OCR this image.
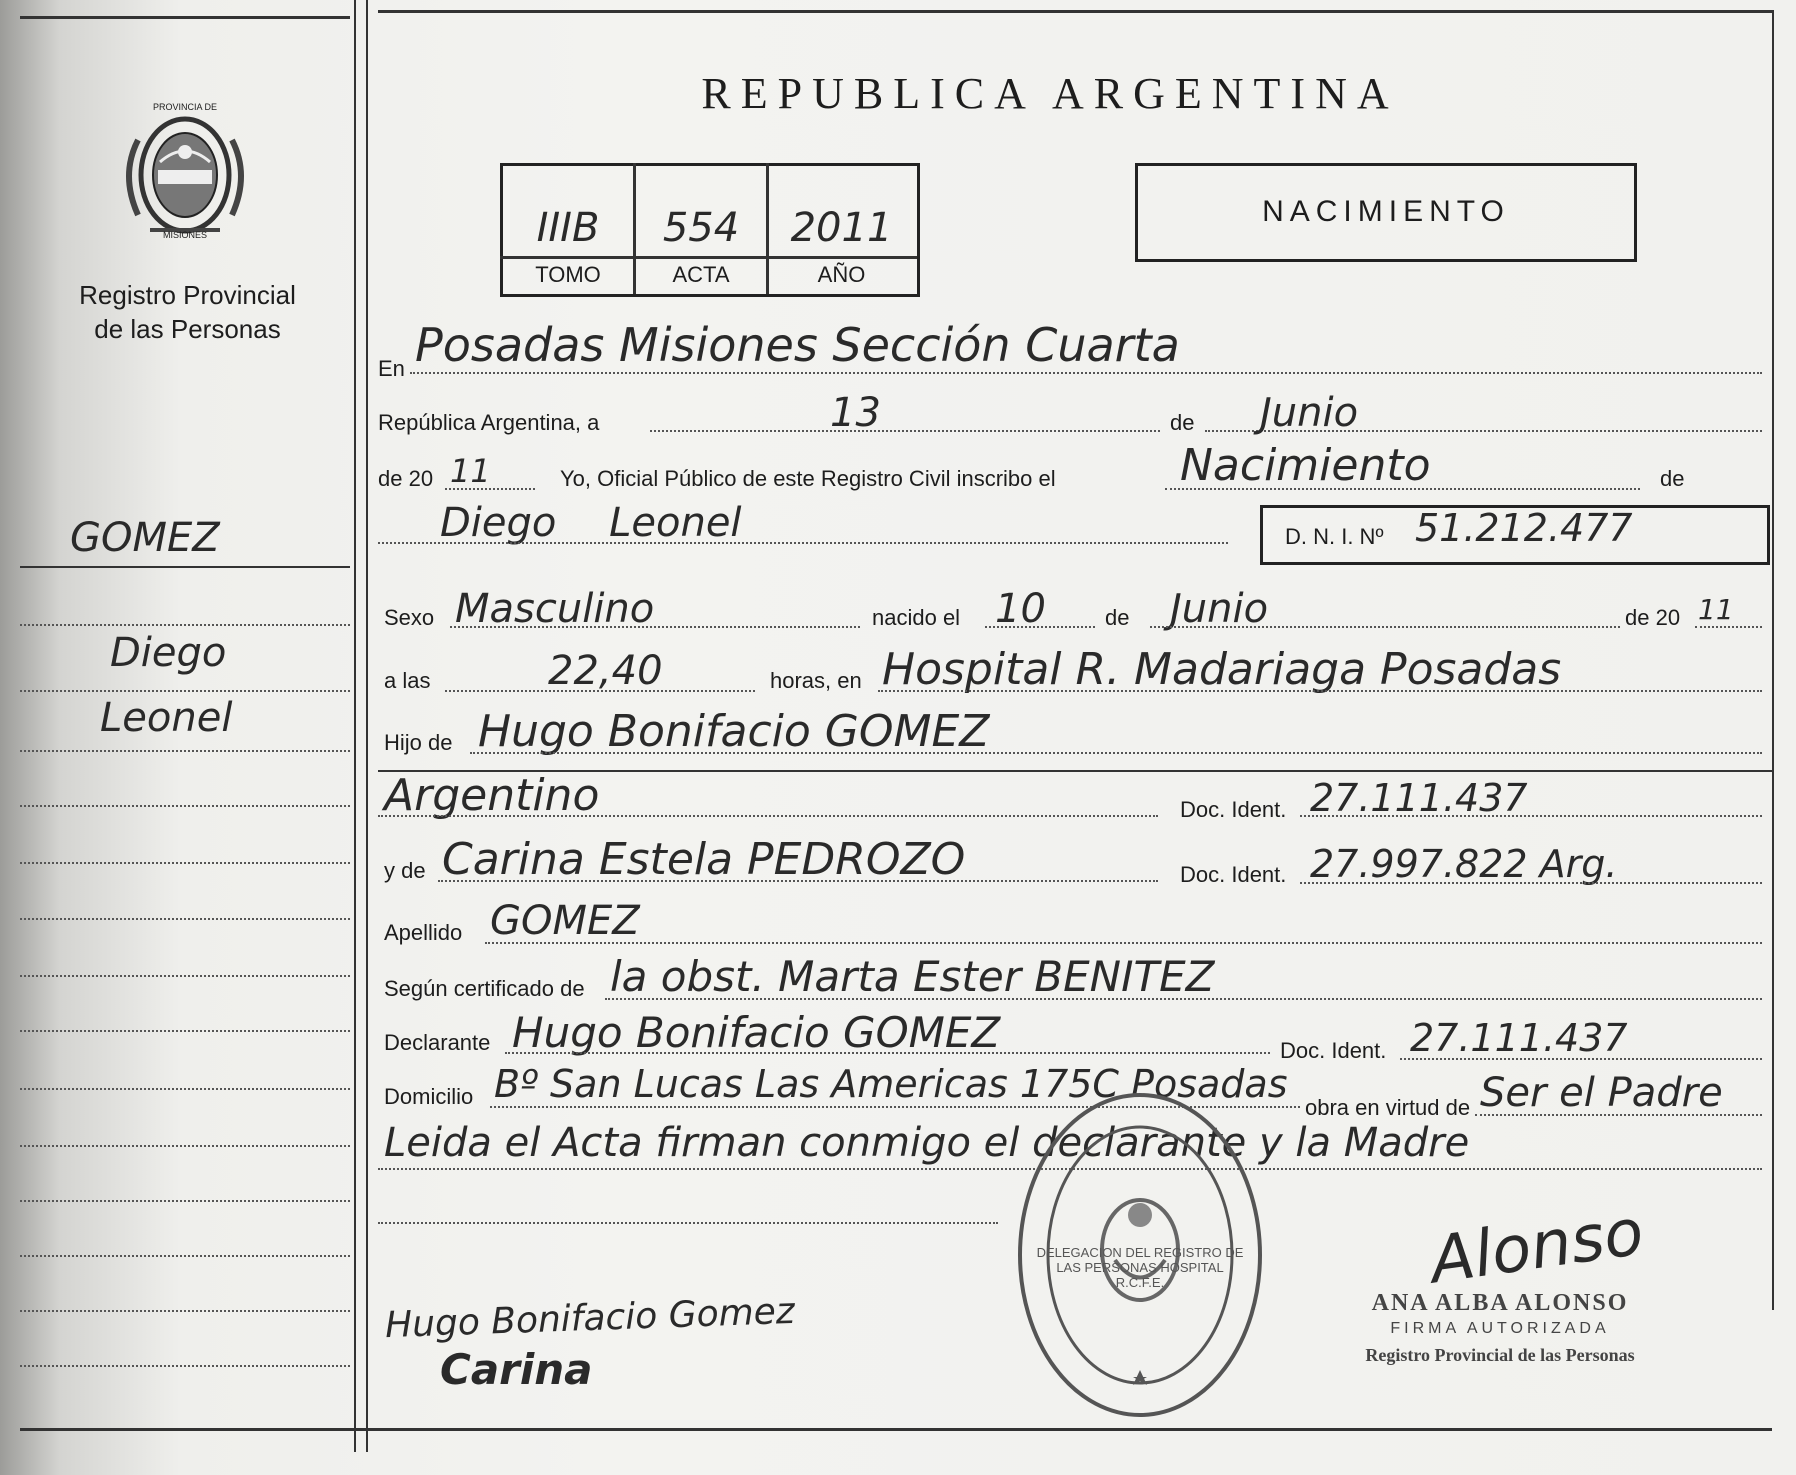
PROVINCIA DE
MISIONES
Registro Provincial
de las Personas
GOMEZ
Diego
Leonel
REPUBLICA ARGENTINA
IIIB	554	2011
TOMO	ACTA	AÑO
NACIMIENTO
En Posadas Misiones Sección Cuarta
República Argentina, a	13	de Junio
de 20 11	Yo, Oficial Público de este Registro Civil inscribo el	Nacimiento	de
Diego Leonel	D. N. I. Nº 51.212.477
Sexo Masculino	nacido el 10	de Junio	de 20 11
a las	22,40	horas, en Hospital R. Madariaga Posadas
Hijo de Hugo Bonifacio GOMEZ
Argentino	Doc. Ident. 27.111.437
y de Carina Estela PEDROZO	Doc. Ident. 27.997.822 Arg.
Apellido GOMEZ
Según certificado de la obst. Marta Ester BENITEZ
Declarante Hugo Bonifacio GOMEZ	Doc. Ident. 27.111.437
Domicilio Bº San Lucas Las Americas 175C Posadas
obra en virtud de Ser el Padre
Leida el Acta firman conmigo el declarante y la Madre
DELEGACION DEL REGISTRO DE LAS PERSONAS HOSPITAL R.C.F.E.
Hugo Bonifacio Gomez
Carina
Alonso
ANA ALBA ALONSO
FIRMA AUTORIZADA
Registro Provincial de las Personas
